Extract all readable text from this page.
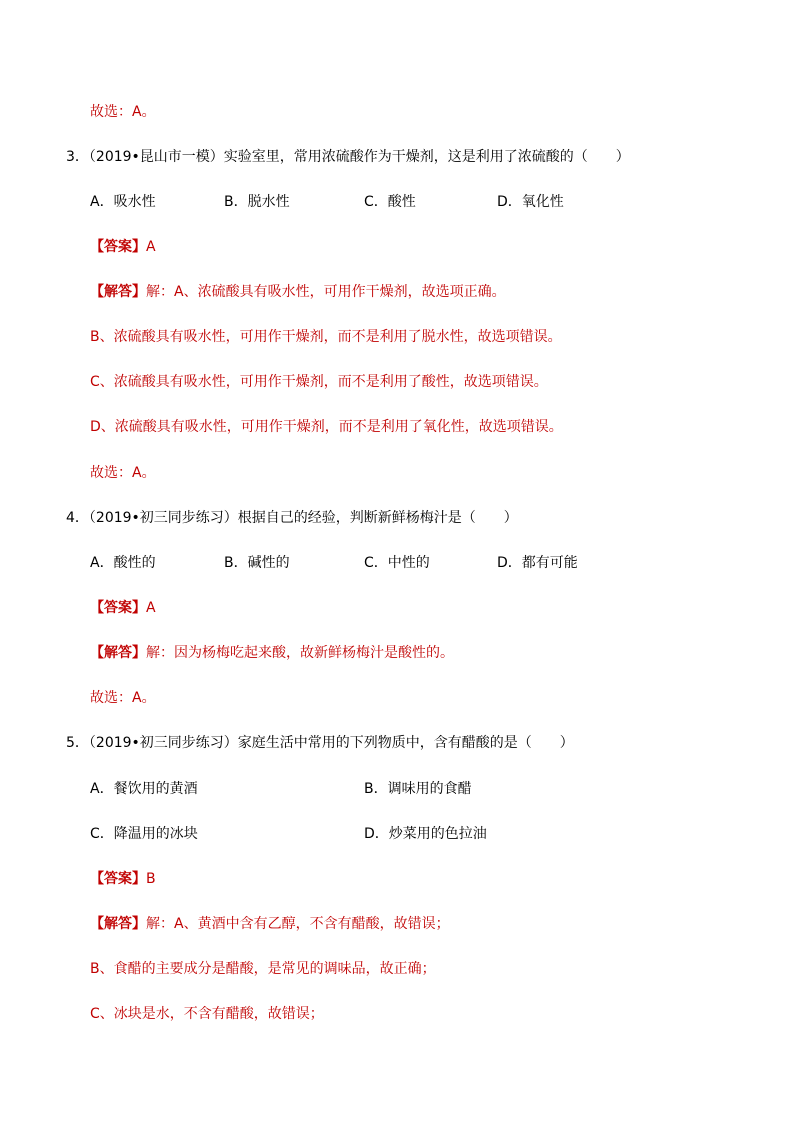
故选：A。
3．（2019•昆山市一模）实验室里，常用浓硫酸作为干燥剂，这是利用了浓硫酸的（　　）
A．吸水性	B．脱水性	C．酸性	D．氧化性
【答案】A
【解答】解：A、浓硫酸具有吸水性，可用作干燥剂，故选项正确。
B、浓硫酸具有吸水性，可用作干燥剂，而不是利用了脱水性，故选项错误。
C、浓硫酸具有吸水性，可用作干燥剂，而不是利用了酸性，故选项错误。
D、浓硫酸具有吸水性，可用作干燥剂，而不是利用了氧化性，故选项错误。
故选：A。
4．（2019•初三同步练习）根据自己的经验，判断新鲜杨梅汁是（　　）
A．酸性的	B．碱性的	C．中性的	D．都有可能
【答案】A
【解答】解：因为杨梅吃起来酸，故新鲜杨梅汁是酸性的。
故选：A。
5．（2019•初三同步练习）家庭生活中常用的下列物质中，含有醋酸的是（　　）
A．餐饮用的黄酒	B．调味用的食醋
C．降温用的冰块	D．炒菜用的色拉油
【答案】B
【解答】解：A、黄酒中含有乙醇，不含有醋酸，故错误；
B、食醋的主要成分是醋酸，是常见的调味品，故正确；
C、冰块是水，不含有醋酸，故错误；
